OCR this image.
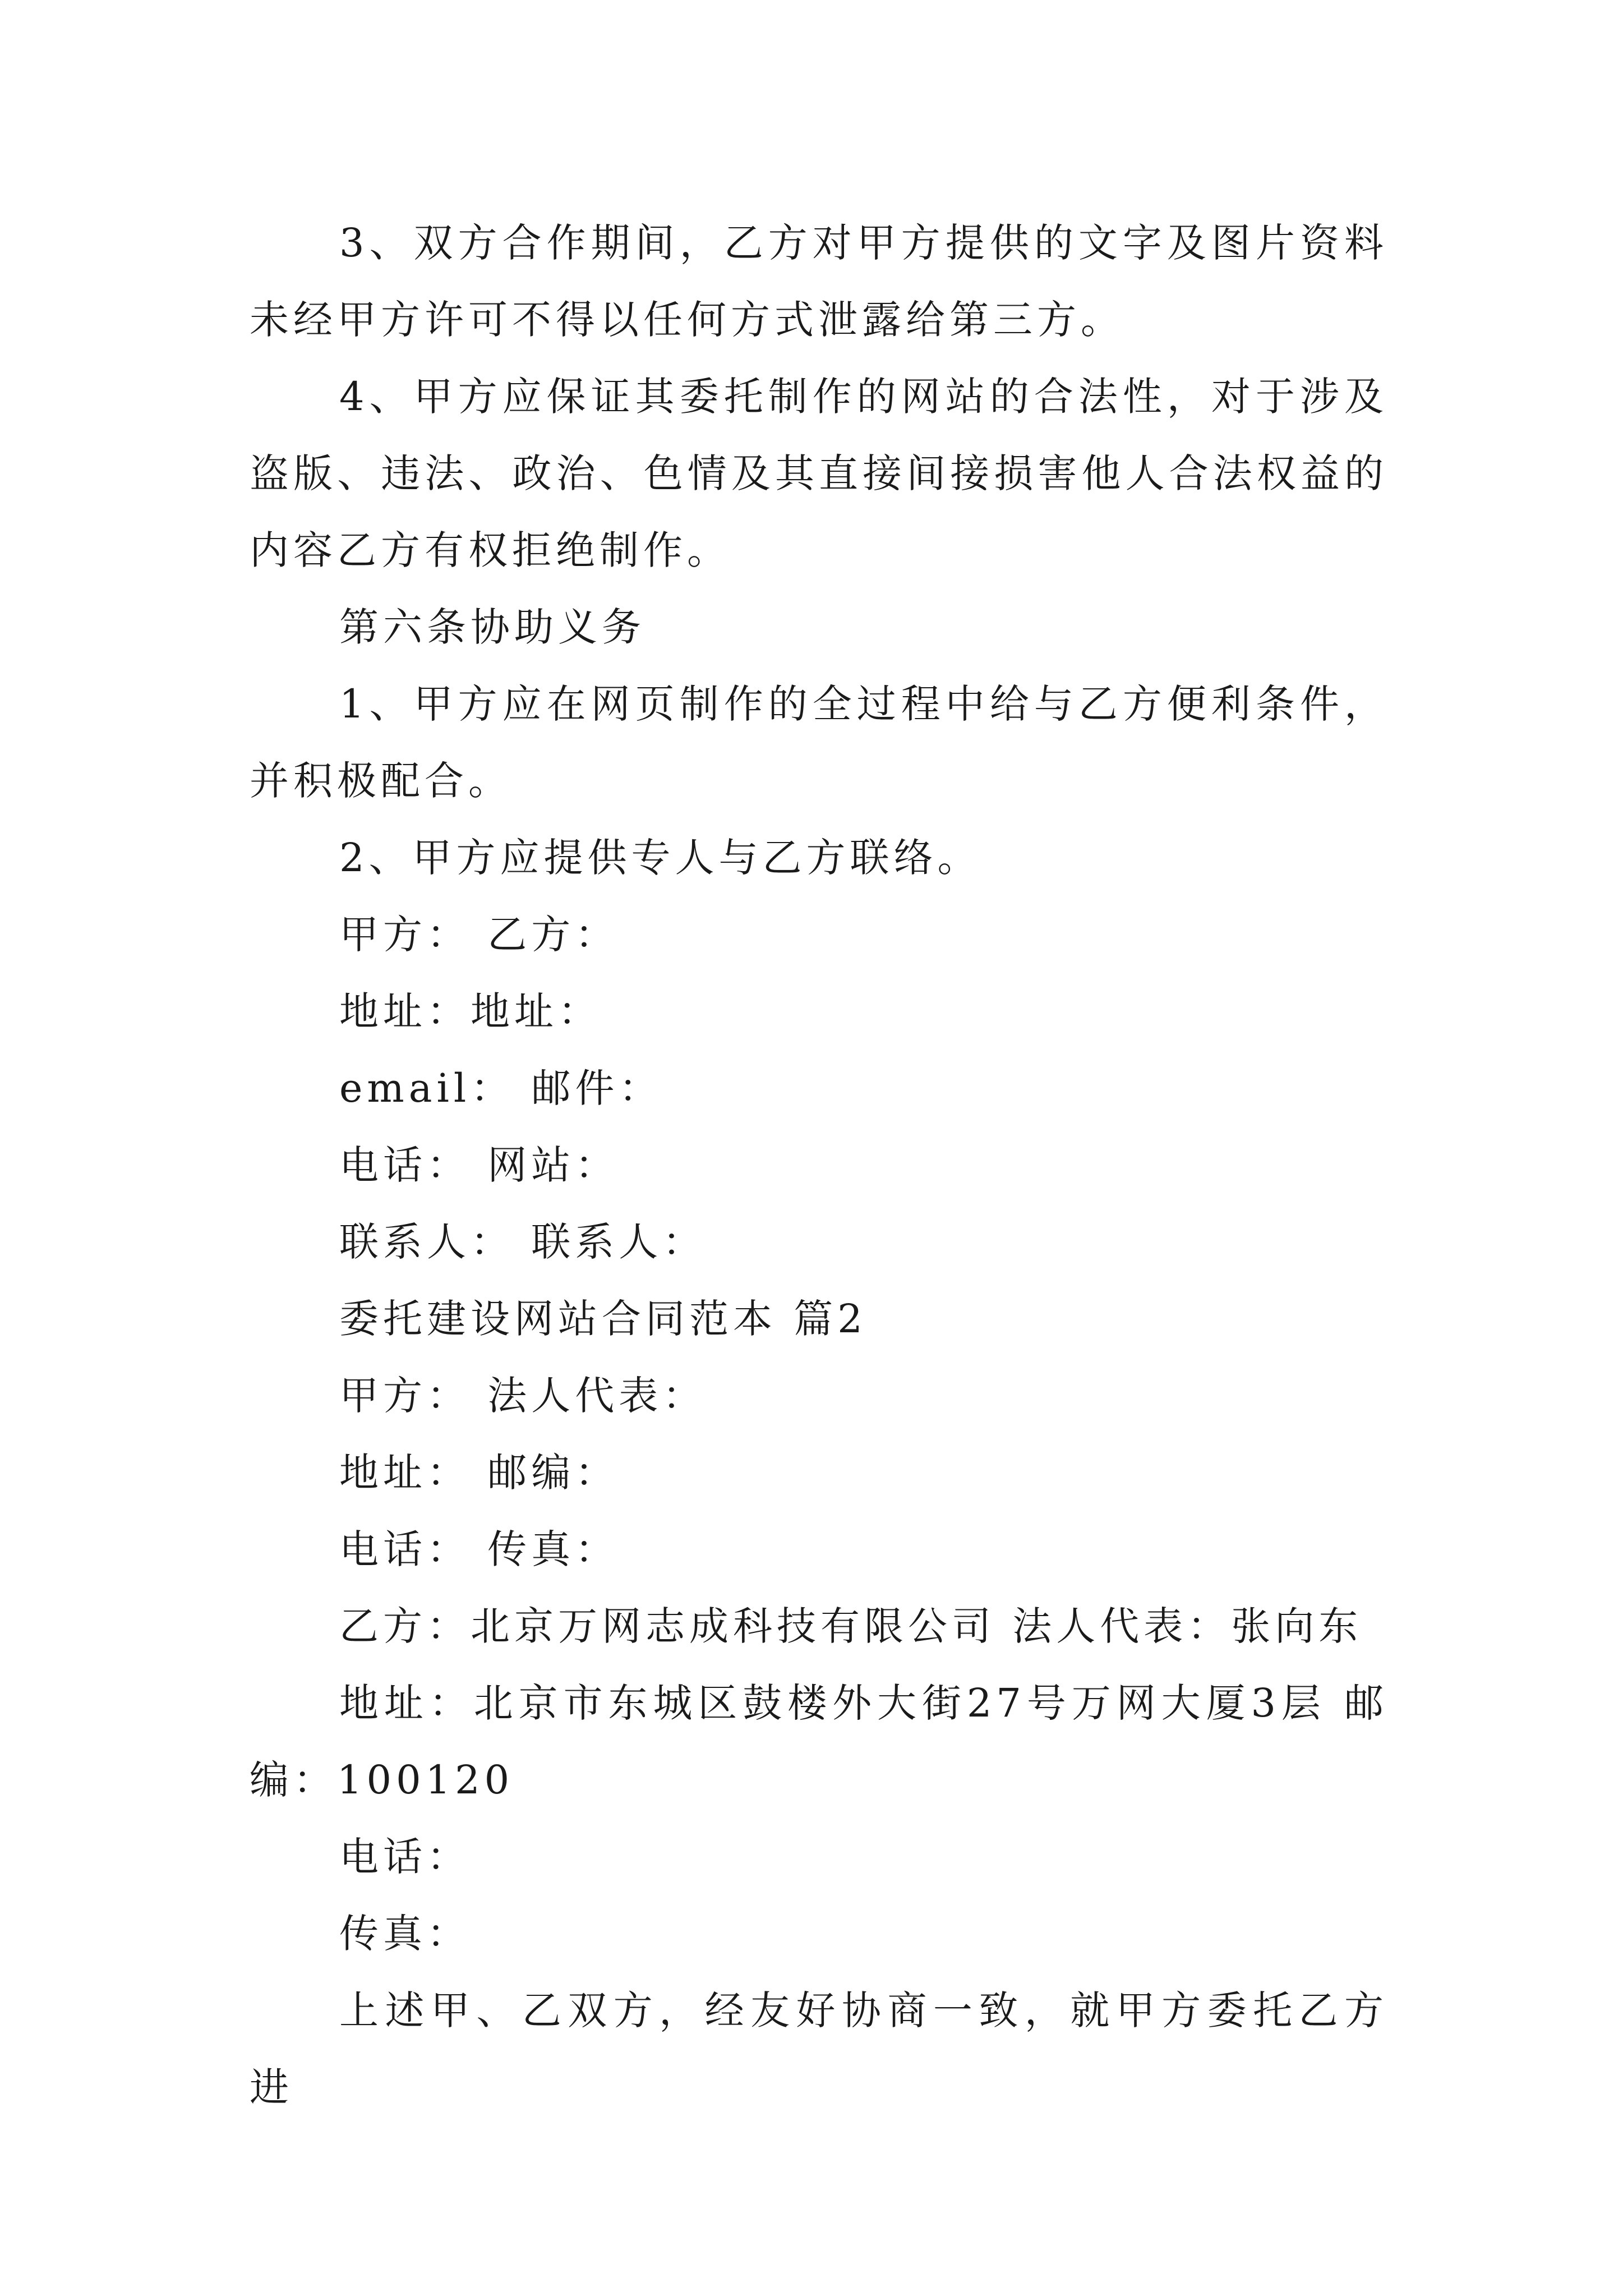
3、双方合作期间，乙方对甲方提供的文字及图片资料未经甲方许可不得以任何方式泄露给第三方。

4、甲方应保证其委托制作的网站的合法性，对于涉及盗版、违法、政治、色情及其直接间接损害他人合法权益的内容乙方有权拒绝制作。

第六条协助义务

1、甲方应在网页制作的全过程中给与乙方便利条件，并积极配合。

2、甲方应提供专人与乙方联络。

甲方： 乙方：

地址：地址：

email： 邮件：

电话： 网站：

联系人： 联系人：

委托建设网站合同范本 篇2

甲方： 法人代表：

地址： 邮编：

电话： 传真：

乙方：北京万网志成科技有限公司 法人代表：张向东

地址：北京市东城区鼓楼外大街27号万网大厦3层 邮编：100120

电话：

传真：

上述甲、乙双方，经友好协商一致，就甲方委托乙方进
